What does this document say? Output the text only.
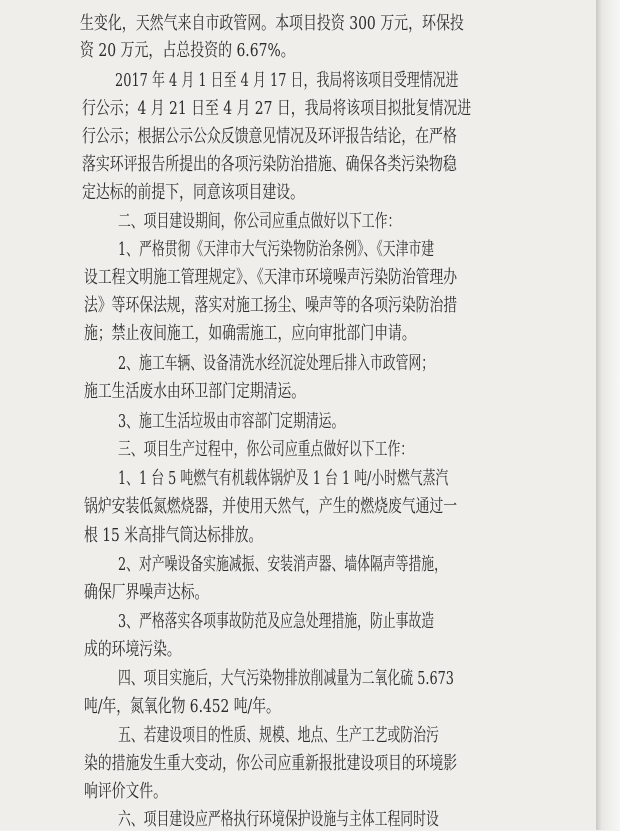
生变化，天然气来自市政管网。本项目投资 300 万元，环保投
资 20 万元，占总投资的 6.67%。
2017 年 4 月 1 日至 4 月 17 日，我局将该项目受理情况进
行公示；4 月 21 日至 4 月 27 日，我局将该项目拟批复情况进
行公示；根据公示公众反馈意见情况及环评报告结论，在严格
落实环评报告所提出的各项污染防治措施、确保各类污染物稳
定达标的前提下，同意该项目建设。
二、项目建设期间，你公司应重点做好以下工作：
1、严格贯彻《天津市大气污染物防治条例》、《天津市建
设工程文明施工管理规定》、《天津市环境噪声污染防治管理办
法》等环保法规，落实对施工扬尘、噪声等的各项污染防治措
施；禁止夜间施工，如确需施工，应向审批部门申请。
2、施工车辆、设备清洗水经沉淀处理后排入市政管网；
施工生活废水由环卫部门定期清运。
3、施工生活垃圾由市容部门定期清运。
三、项目生产过程中，你公司应重点做好以下工作：
1、1 台 5 吨燃气有机载体锅炉及 1 台 1 吨/小时燃气蒸汽
锅炉安装低氮燃烧器，并使用天然气，产生的燃烧废气通过一
根 15 米高排气筒达标排放。
2、对产噪设备实施减振、安装消声器、墙体隔声等措施，
确保厂界噪声达标。
3、严格落实各项事故防范及应急处理措施，防止事故造
成的环境污染。
四、项目实施后，大气污染物排放削减量为二氧化硫 5.673
吨/年，氮氧化物 6.452 吨/年。
五、若建设项目的性质、规模、地点、生产工艺或防治污
染的措施发生重大变动，你公司应重新报批建设项目的环境影
响评价文件。
六、项目建设应严格执行环境保护设施与主体工程同时设
